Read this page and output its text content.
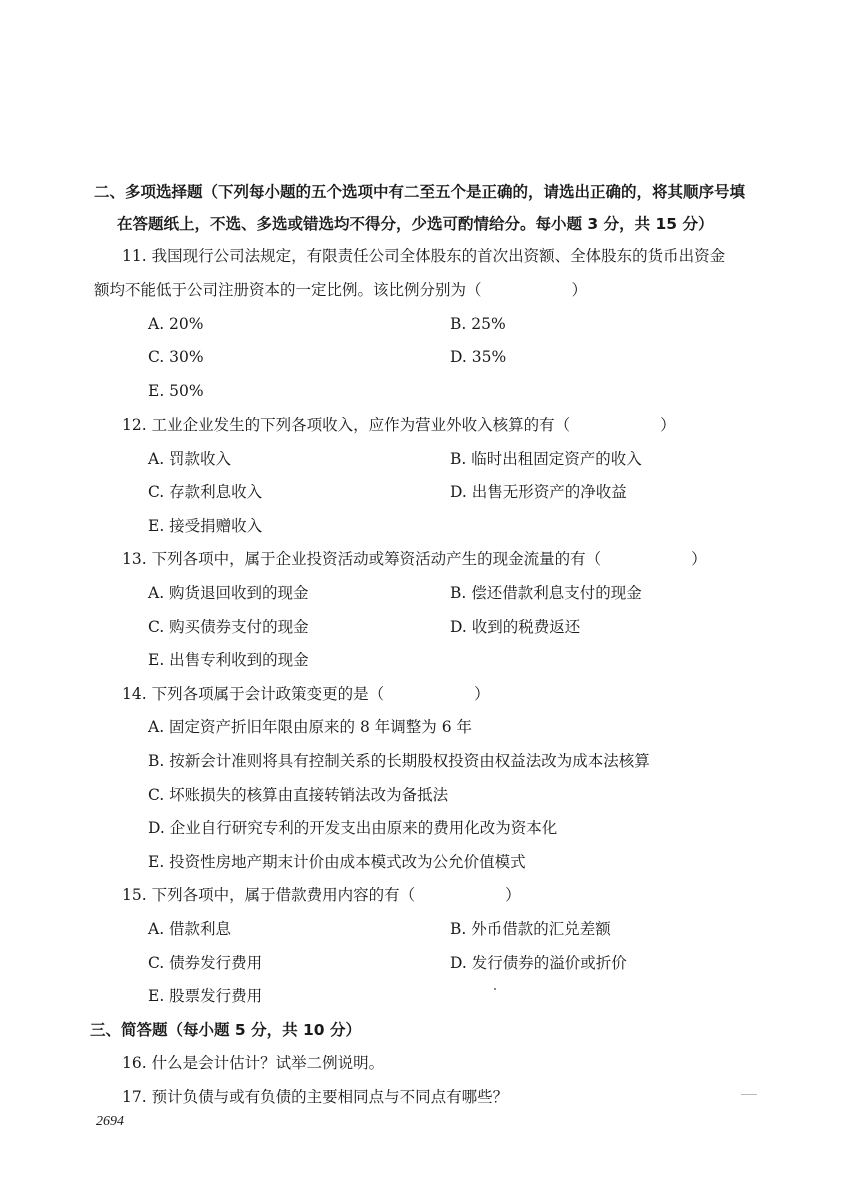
二、多项选择题（下列每小题的五个选项中有二至五个是正确的，请选出正确的，将其顺序号填
在答题纸上，不选、多选或错选均不得分，少选可酌情给分。每小题 3 分，共 15 分）
11. 我国现行公司法规定，有限责任公司全体股东的首次出资额、全体股东的货币出资金
额均不能低于公司注册资本的一定比例。该比例分别为（	）
A. 20%	B. 25%
C. 30%	D. 35%
E. 50%
12. 工业企业发生的下列各项收入，应作为营业外收入核算的有（	）
A. 罚款收入	B. 临时出租固定资产的收入
C. 存款利息收入	D. 出售无形资产的净收益
E. 接受捐赠收入
13. 下列各项中，属于企业投资活动或筹资活动产生的现金流量的有（	）
A. 购货退回收到的现金	B. 偿还借款利息支付的现金
C. 购买债券支付的现金	D. 收到的税费返还
E. 出售专利收到的现金
14. 下列各项属于会计政策变更的是（	）
A. 固定资产折旧年限由原来的 8 年调整为 6 年
B. 按新会计准则将具有控制关系的长期股权投资由权益法改为成本法核算
C. 坏账损失的核算由直接转销法改为备抵法
D. 企业自行研究专利的开发支出由原来的费用化改为资本化
E. 投资性房地产期末计价由成本模式改为公允价值模式
15. 下列各项中，属于借款费用内容的有（	）
A. 借款利息	B. 外币借款的汇兑差额
C. 债券发行费用	D. 发行债券的溢价或折价
E. 股票发行费用
三、简答题（每小题 5 分，共 10 分）
16. 什么是会计估计？试举二例说明。
17. 预计负债与或有负债的主要相同点与不同点有哪些？
2694
